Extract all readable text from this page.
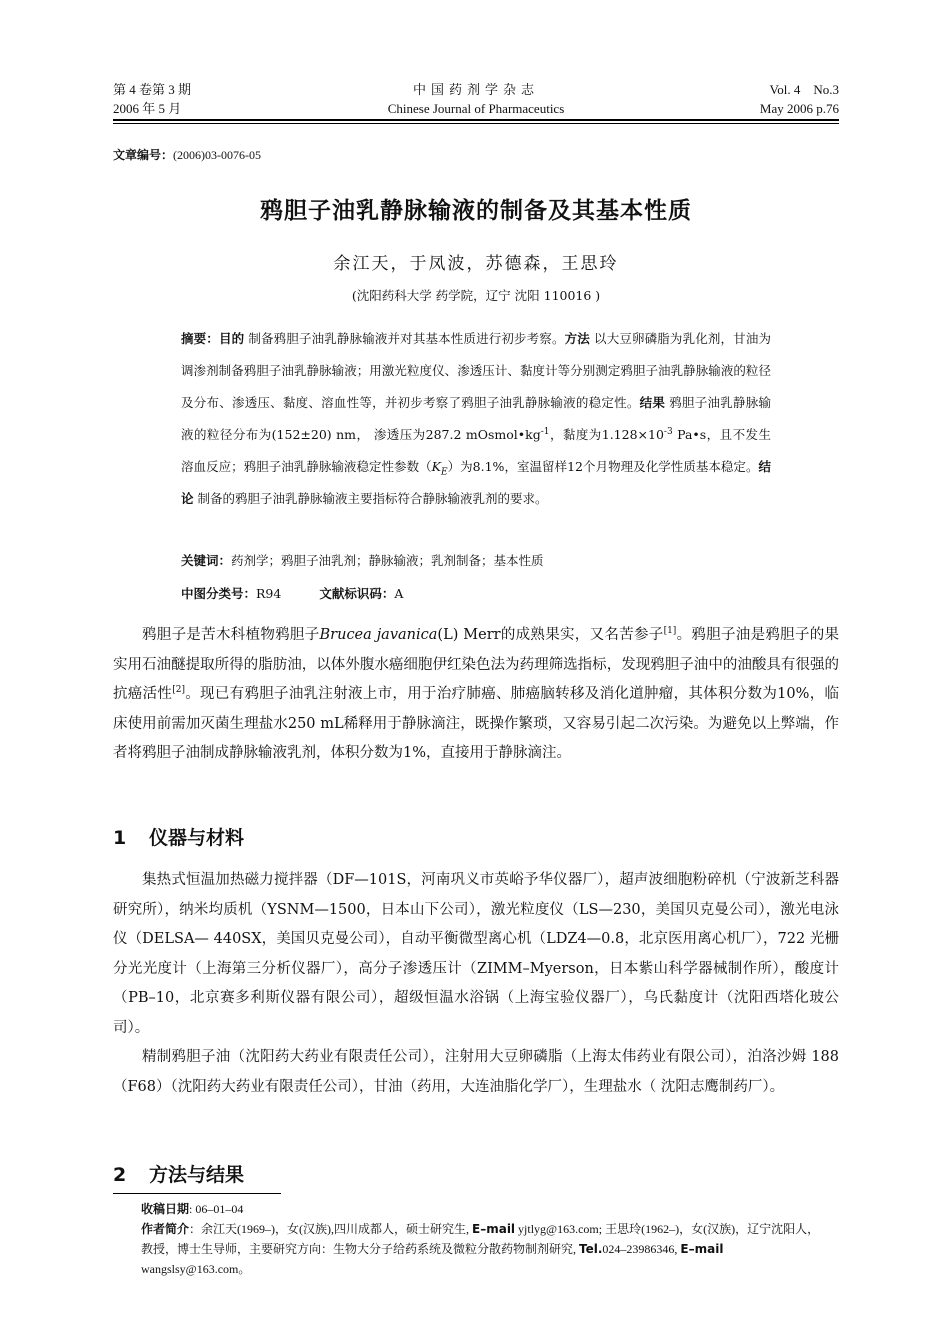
第 4 卷第 3 期
2006 年 5 月
中国药剂学杂志
Chinese Journal of Pharmaceutics
Vol. 4　No.3
May 2006 p.76
文章编号：(2006)03-0076-05
鸦胆子油乳静脉输液的制备及其基本性质
余江天，于凤波，苏德森，王思玲
(沈阳药科大学 药学院，辽宁 沈阳 110016 )

摘要：目的 制备鸦胆子油乳静脉输液并对其基本性质进行初步考察。方法 以大豆卵磷脂为乳化剂，甘油为调渗剂制备鸦胆子油乳静脉输液；用激光粒度仪、渗透压计、黏度计等分别测定鸦胆子油乳静脉输液的粒径及分布、渗透压、黏度、溶血性等，并初步考察了鸦胆子油乳静脉输液的稳定性。结果 鸦胆子油乳静脉输液的粒径分布为(152±20) nm， 渗透压为287.2 $mOsmol•kg^{-1}$，黏度为$1.128\times 10^{-3}$ Pa•s，且不发生溶血反应；鸦胆子油乳静脉输液稳定性参数$(K_E)$为8.1%，室温留样12个月物理及化学性质基本稳定。结论 制备的鸦胆子油乳静脉输液主要指标符合静脉输液乳剂的要求。

关键词：药剂学；鸦胆子油乳剂；静脉输液；乳剂制备；基本性质
中图分类号：R94	文献标识码：A

鸦胆子是苦木科植物鸦胆子Brucea javanica(L) Merr的成熟果实，又名苦参子[1]。鸦胆子油是鸦胆子的果实用石油醚提取所得的脂肪油，以体外腹水癌细胞伊红染色法为药理筛选指标，发现鸦胆子油中的油酸具有很强的抗癌活性[2]。现已有鸦胆子油乳注射液上市，用于治疗肺癌、肺癌脑转移及消化道肿瘤，其体积分数为10%，临床使用前需加灭菌生理盐水250 mL稀释用于静脉滴注，既操作繁琐，又容易引起二次污染。为避免以上弊端，作者将鸦胆子油制成静脉输液乳剂，体积分数为1%，直接用于静脉滴注。

1 仪器与材料

集热式恒温加热磁力搅拌器（DF—101S，河南巩义市英峪予华仪器厂），超声波细胞粉碎机（宁波新芝科器研究所），纳米均质机（YSNM—1500，日本山下公司），激光粒度仪（LS—230，美国贝克曼公司），激光电泳仪（DELSA— 440SX，美国贝克曼公司），自动平衡微型离心机（LDZ4—0.8，北京医用离心机厂），722 光栅分光光度计（上海第三分析仪器厂），高分子渗透压计（ZIMM–Myerson，日本紫山科学器械制作所），酸度计（PB–10，北京赛多利斯仪器有限公司），超级恒温水浴锅（上海宝验仪器厂），乌氏黏度计（沈阳西塔化玻公司）。

精制鸦胆子油（沈阳药大药业有限责任公司），注射用大豆卵磷脂（上海太伟药业有限公司），泊洛沙姆 188（F68）（沈阳药大药业有限责任公司），甘油（药用，大连油脂化学厂），生理盐水（ 沈阳志鹰制药厂）。

2 方法与结果

收稿日期: 06–01–04

作者简介：余江天(1969–)，女(汉族),四川成都人，硕士研究生, E–mail yjtlyg@163.com; 王思玲(1962–)，女(汉族)，辽宁沈阳人，教授，博士生导师，主要研究方向：生物大分子给药系统及微粒分散药物制剂研究, Tel.024–23986346, E–mail wangslsy@163.com。
